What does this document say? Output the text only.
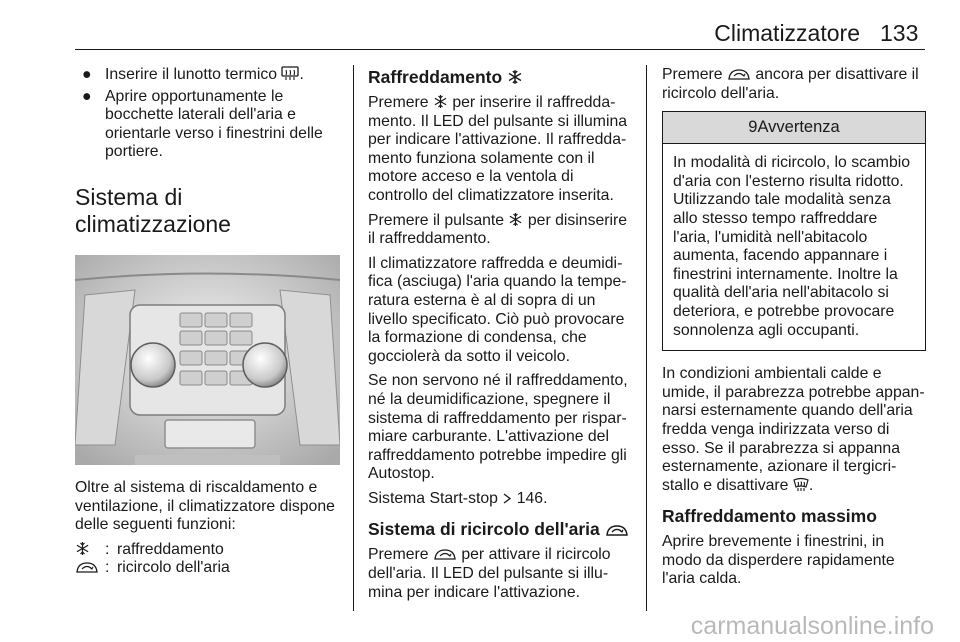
Climatizzatore 133
● Inserire il lunotto termico .
● Aprire opportunamente le bocchette laterali dell'aria e orientarle verso i finestrini delle portiere.
Sistema di climatizzazione

Oltre al sistema di riscaldamento e ventilazione, il climatizzatore dispone delle seguenti funzioni:

: raffreddamento
: ricircolo dell'aria
Raffreddamento

Premere  per inserire il raffreddamento. Il LED del pulsante si illumina per indicare l'attivazione. Il raffreddamento funziona solamente con il motore acceso e la ventola di controllo del climatizzatore inserita.

Premere il pulsante  per disinserire il raffreddamento.

Il climatizzatore raffredda e deumidifica (asciuga) l'aria quando la temperatura esterna è al di sopra di un livello specificato. Ciò può provocare la formazione di condensa, che gocciolerà da sotto il veicolo.

Se non servono né il raffreddamento, né la deumidificazione, spegnere il sistema di raffreddamento per risparmiare carburante. L'attivazione del raffreddamento potrebbe impedire gli Autostop.

Sistema Start-stop  146.

Sistema di ricircolo dell'aria

Premere  per attivare il ricircolo dell'aria. Il LED del pulsante si illumina per indicare l'attivazione.

Premere  ancora per disattivare il ricircolo dell'aria.

9Avvertenza
In modalità di ricircolo, lo scambio d'aria con l'esterno risulta ridotto. Utilizzando tale modalità senza allo stesso tempo raffreddare l'aria, l'umidità nell'abitacolo aumenta, facendo appannare i finestrini internamente. Inoltre la qualità dell'aria nell'abitacolo si deteriora, e potrebbe provocare sonnolenza agli occupanti.

In condizioni ambientali calde e umide, il parabrezza potrebbe appannarsi esternamente quando dell'aria fredda venga indirizzata verso di esso. Se il parabrezza si appanna esternamente, azionare il tergicristallo e disattivare .

Raffreddamento massimo

Aprire brevemente i finestrini, in modo da disperdere rapidamente l'aria calda.

carmanualsonline.info
